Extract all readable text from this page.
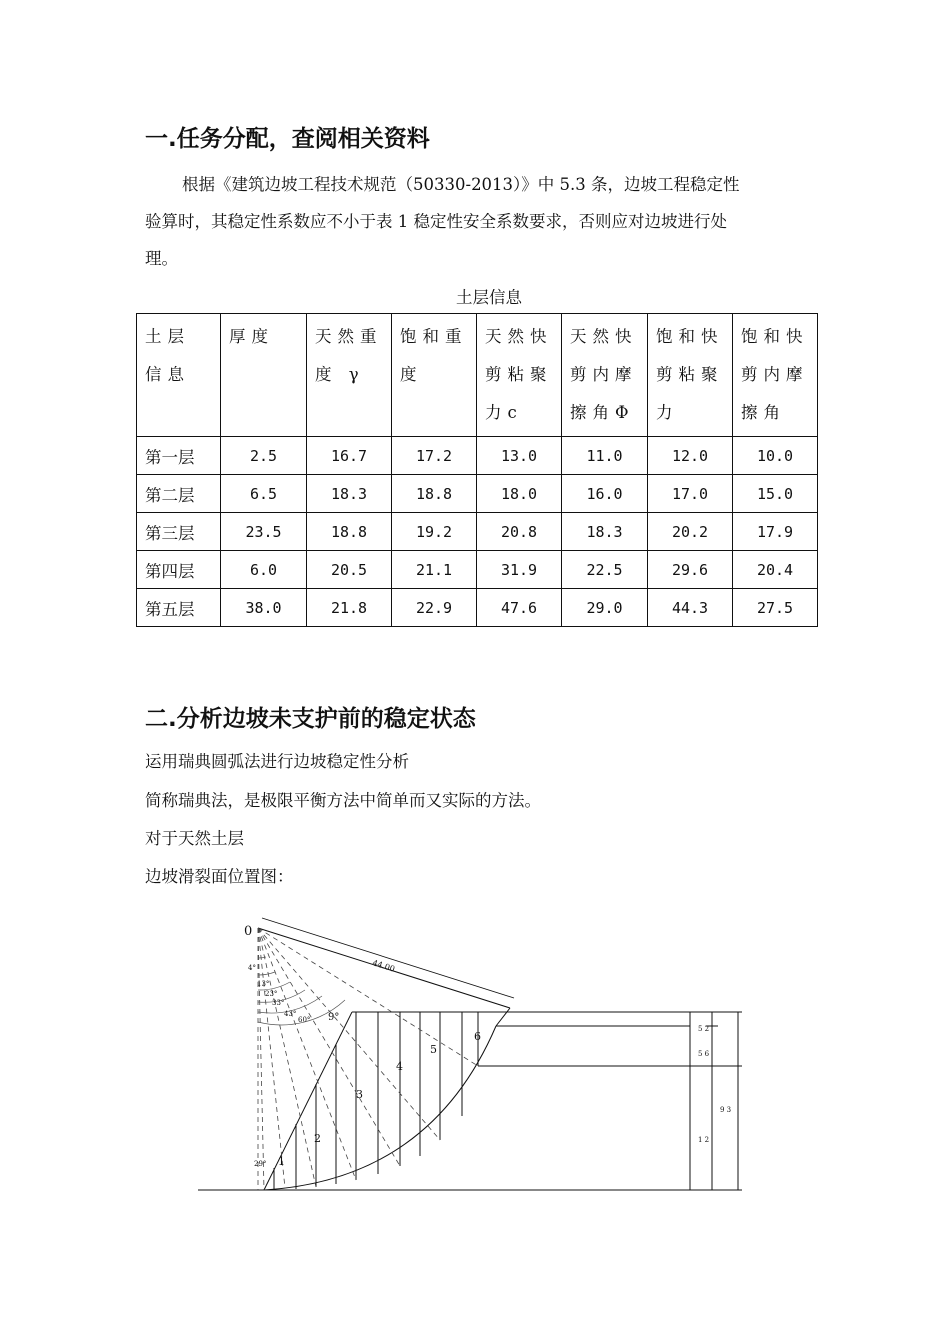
一.任务分配，查阅相关资料
根据《建筑边坡工程技术规范（50330-2013）》中 5.3 条，边坡工程稳定性
验算时，其稳定性系数应不小于表 1 稳定性安全系数要求，否则应对边坡进行处
理。
土层信息
土层信息	厚度	天然重度 γ	饱和重度	天然快剪粘聚力c	天然快剪内摩擦角Φ	饱和快剪粘聚力	饱和快剪内摩擦角
第一层	2.5	16.7	17.2	13.0	11.0	12.0	10.0
第二层	6.5	18.3	18.8	18.0	16.0	17.0	15.0
第三层	23.5	18.8	19.2	20.8	18.3	20.2	17.9
第四层	6.0	20.5	21.1	31.9	22.5	29.6	20.4
第五层	38.0	21.8	22.9	47.6	29.0	44.3	27.5
二.分析边坡未支护前的稳定状态
运用瑞典圆弧法进行边坡稳定性分析
简称瑞典法，是极限平衡方法中简单而又实际的方法。
对于天然土层
边坡滑裂面位置图：
0
44.00
4°
13°
23°
33°
43°
60° 9°
29° 1
2
3
4
5
6
5 2
5 6
1 2
9 3
